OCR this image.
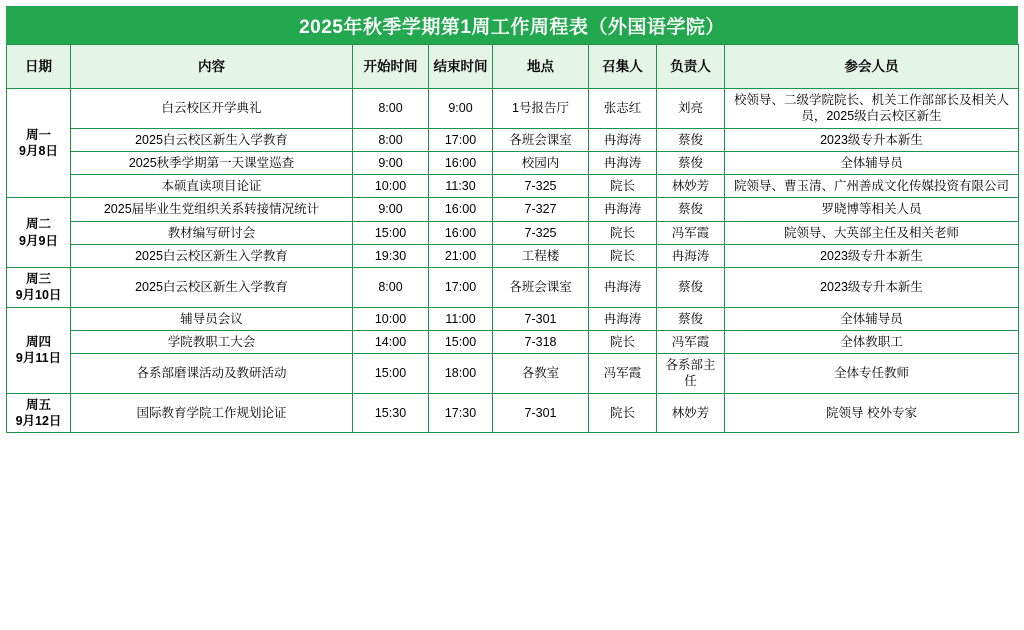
2025年秋季学期第1周工作周程表（外国语学院）
日期	内容	开始时间	结束时间	地点	召集人	负责人	参会人员

周一
9月8日	白云校区开学典礼	8:00	9:00	1号报告厅	张志红	刘亮	校领导、二级学院院长、机关工作部部长及相关人员，2025级白云校区新生
	2025白云校区新生入学教育	8:00	17:00	各班会课室	冉海涛	蔡俊	2023级专升本新生
	2025秋季学期第一天课堂巡查	9:00	16:00	校园内	冉海涛	蔡俊	全体辅导员
	本硕直读项目论证	10:00	11:30	7-325	院长	林妙芳	院领导、曹玉清、广州善成文化传媒投资有限公司

周二
9月9日	2025届毕业生党组织关系转接情况统计	9:00	16:00	7-327	冉海涛	蔡俊	罗晓博等相关人员
	教材编写研讨会	15:00	16:00	7-325	院长	冯军霞	院领导、大英部主任及相关老师
	2025白云校区新生入学教育	19:30	21:00	工程楼	院长	冉海涛	2023级专升本新生

周三
9月10日	2025白云校区新生入学教育	8:00	17:00	各班会课室	冉海涛	蔡俊	2023级专升本新生

周四
9月11日	辅导员会议	10:00	11:00	7-301	冉海涛	蔡俊	全体辅导员
	学院教职工大会	14:00	15:00	7-318	院长	冯军霞	全体教职工
	各系部磨课活动及教研活动	15:00	18:00	各教室	冯军霞	各系部主任	全体专任教师

周五
9月12日	国际教育学院工作规划论证	15:30	17:30	7-301	院长	林妙芳	院领导 校外专家
